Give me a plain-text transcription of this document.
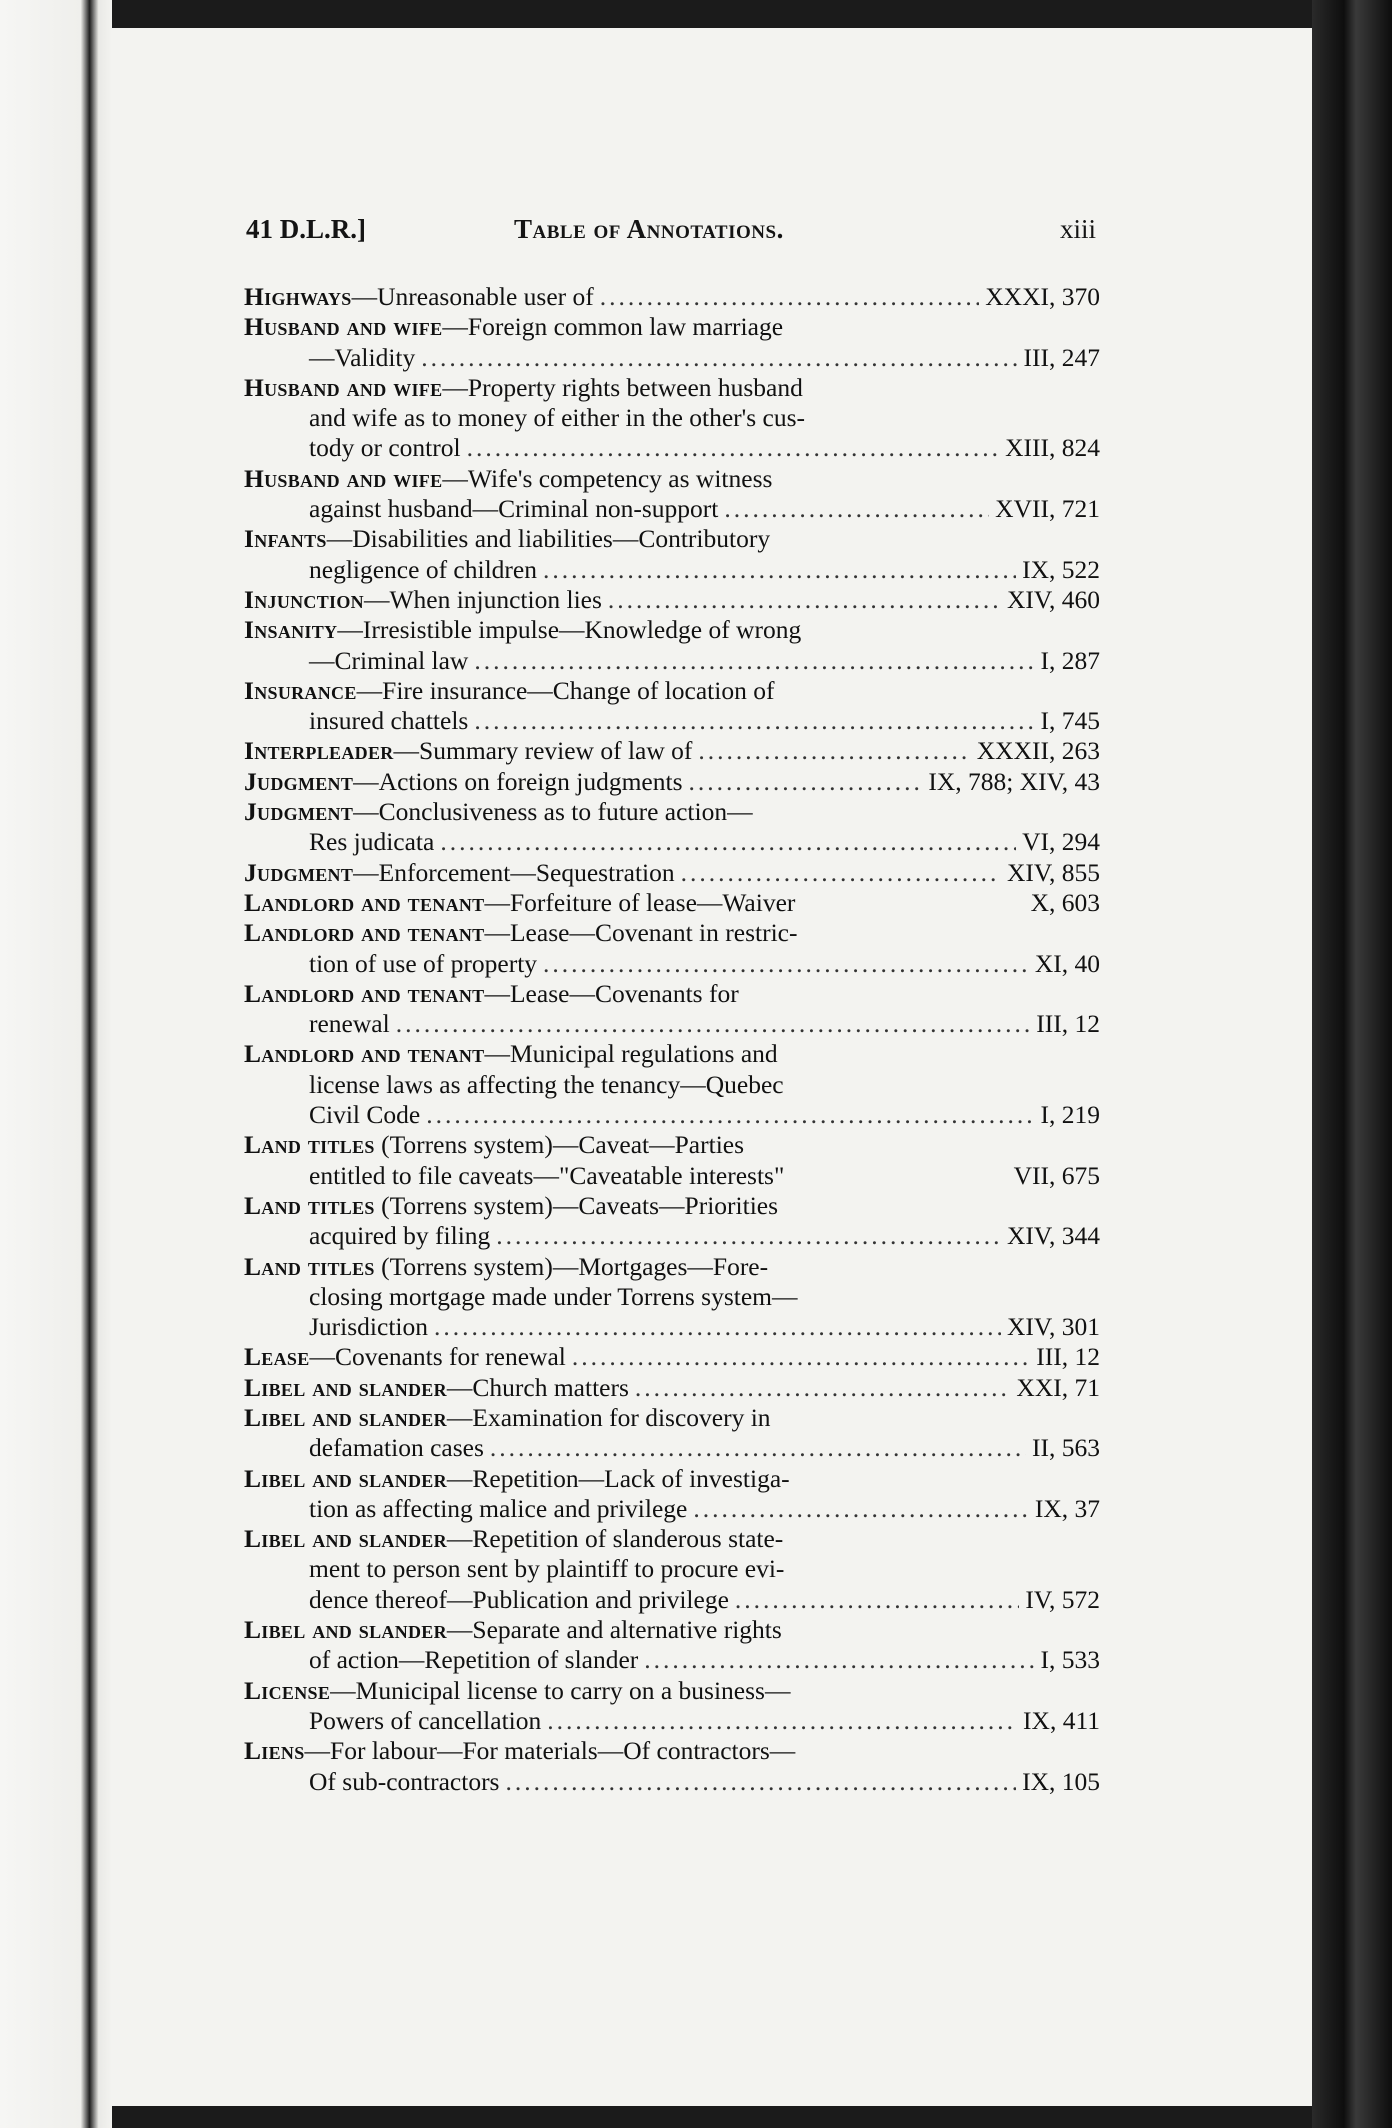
41 D.L.R.]	Table of Annotations.	xiii
Highways—Unreasonable user of .....	XXXI, 370
Husband and wife—Foreign common law marriage
—Validity .....	III, 247
Husband and wife—Property rights between husband
and wife as to money of either in the other's cus-
tody or control .....	XIII, 824
Husband and wife—Wife's competency as witness
against husband—Criminal non-support .....	XVII, 721
Infants—Disabilities and liabilities—Contributory
negligence of children .....	IX, 522
Injunction—When injunction lies .....	XIV, 460
Insanity—Irresistible impulse—Knowledge of wrong
—Criminal law .....	I, 287
Insurance—Fire insurance—Change of location of
insured chattels .....	I, 745
Interpleader—Summary review of law of .....	XXXII, 263
Judgment—Actions on foreign judgments .....	IX, 788; XIV, 43
Judgment—Conclusiveness as to future action—
Res judicata .....	VI, 294
Judgment—Enforcement—Sequestration .....	XIV, 855
Landlord and tenant—Forfeiture of lease—Waiver	X, 603
Landlord and tenant—Lease—Covenant in restric-
tion of use of property .....	XI, 40
Landlord and tenant—Lease—Covenants for
renewal .....	III, 12
Landlord and tenant—Municipal regulations and
license laws as affecting the tenancy—Quebec
Civil Code .....	I, 219
Land titles (Torrens system)—Caveat—Parties
entitled to file caveats—"Caveatable interests"	VII, 675
Land titles (Torrens system)—Caveats—Priorities
acquired by filing .....	XIV, 344
Land titles (Torrens system)—Mortgages—Fore-
closing mortgage made under Torrens system—
Jurisdiction .....	XIV, 301
Lease—Covenants for renewal .....	III, 12
Libel and slander—Church matters .....	XXI, 71
Libel and slander—Examination for discovery in
defamation cases .....	II, 563
Libel and slander—Repetition—Lack of investiga-
tion as affecting malice and privilege .....	IX, 37
Libel and slander—Repetition of slanderous state-
ment to person sent by plaintiff to procure evi-
dence thereof—Publication and privilege .....	IV, 572
Libel and slander—Separate and alternative rights
of action—Repetition of slander .....	I, 533
License—Municipal license to carry on a business—
Powers of cancellation .....	IX, 411
Liens—For labour—For materials—Of contractors—
Of sub-contractors .....	IX, 105
